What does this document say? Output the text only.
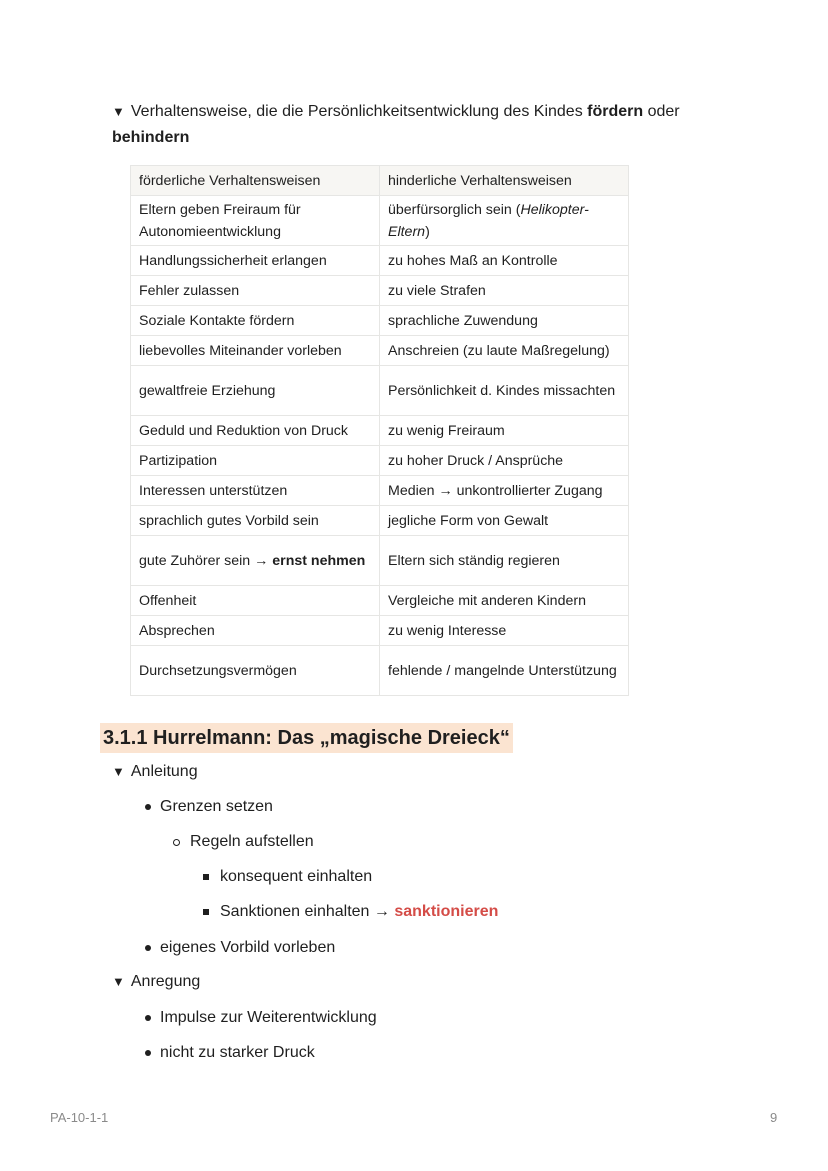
▼ Verhaltensweise, die die Persönlichkeitsentwicklung des Kindes fördern oder behindern
förderliche Verhaltensweisen	hinderliche Verhaltensweisen
Eltern geben Freiraum für Autonomieentwicklung	überfürsorglich sein (Helikopter-Eltern)
Handlungssicherheit erlangen	zu hohes Maß an Kontrolle
Fehler zulassen	zu viele Strafen
Soziale Kontakte fördern	sprachliche Zuwendung
liebevolles Miteinander vorleben	Anschreien (zu laute Maßregelung)
gewaltfreie Erziehung	Persönlichkeit d. Kindes missachten
Geduld und Reduktion von Druck	zu wenig Freiraum
Partizipation	zu hoher Druck / Ansprüche
Interessen unterstützen	Medien → unkontrollierter Zugang
sprachlich gutes Vorbild sein	jegliche Form von Gewalt
gute Zuhörer sein → ernst nehmen	Eltern sich ständig regieren
Offenheit	Vergleiche mit anderen Kindern
Absprechen	zu wenig Interesse
Durchsetzungsvermögen	fehlende / mangelnde Unterstützung
3.1.1 Hurrelmann: Das „magische Dreieck“
▼ Anleitung
Grenzen setzen
Regeln aufstellen
konsequent einhalten
Sanktionen einhalten → sanktionieren
eigenes Vorbild vorleben
▼ Anregung
Impulse zur Weiterentwicklung
nicht zu starker Druck
PA-10-1-1	9
